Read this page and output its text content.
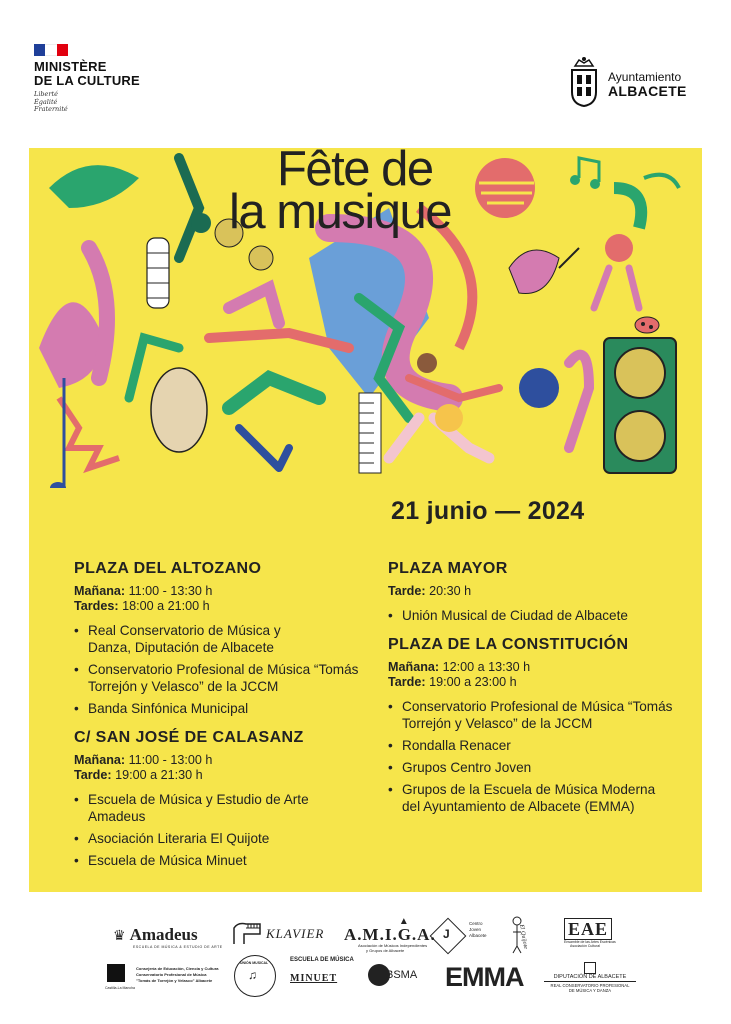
MINISTÈRE
DE LA CULTURE
Liberté
Égalité
Fraternité
Ayuntamiento
ALBACETE
Fête de
la musique
21 junio — 2024
PLAZA DEL ALTOZANO
Mañana: 11:00 - 13:30 h
Tardes: 18:00 a 21:00 h
• Real Conservatorio de Música y Danza, Diputación de Albacete
• Conservatorio Profesional de Música “Tomás Torrejón y Velasco” de la JCCM
• Banda Sinfónica Municipal
C/ SAN JOSÉ DE CALASANZ
Mañana: 11:00 - 13:00 h
Tarde: 19:00 a 21:30 h
• Escuela de Música y Estudio de Arte Amadeus
• Asociación Literaria El Quijote
• Escuela de Música Minuet
PLAZA MAYOR
Tarde: 20:30 h
• Unión Musical de Ciudad de Albacete
PLAZA DE LA CONSTITUCIÓN
Mañana: 12:00 a 13:30 h
Tarde: 19:00 a 23:00 h
• Conservatorio Profesional de Música “Tomás Torrejón y Velasco” de la JCCM
• Rondalla Renacer
• Grupos Centro Joven
• Grupos de la Escuela de Música Moderna del Ayuntamiento de Albacete (EMMA)
♛ Amadeus
ESCUELA DE MÚSICA & ESTUDIO DE ARTE
$^{KLAVIER}$
▲
A.M.I.G.A.
Asociación de Músicos Independientes
y Grupos de Albacete
J
Centro
Joven
Albacete	El Quijote EAE
Ensamble de las Artes Escénicas
Asociación Cultural
Castilla-La Mancha
Consejería de Educación, Ciencia y Cultura
Conservatorio Profesional de Música
"Tomás de Torrejón y Velasco" Albacete
UNIÓN MUSICAL
♫
ESCUELA DE MÚSICA
MINUET	BSMA EMMA	DIPUTACIÓN DE ALBACETE
REAL CONSERVATORIO PROFESIONAL
DE MÚSICA Y DANZA
